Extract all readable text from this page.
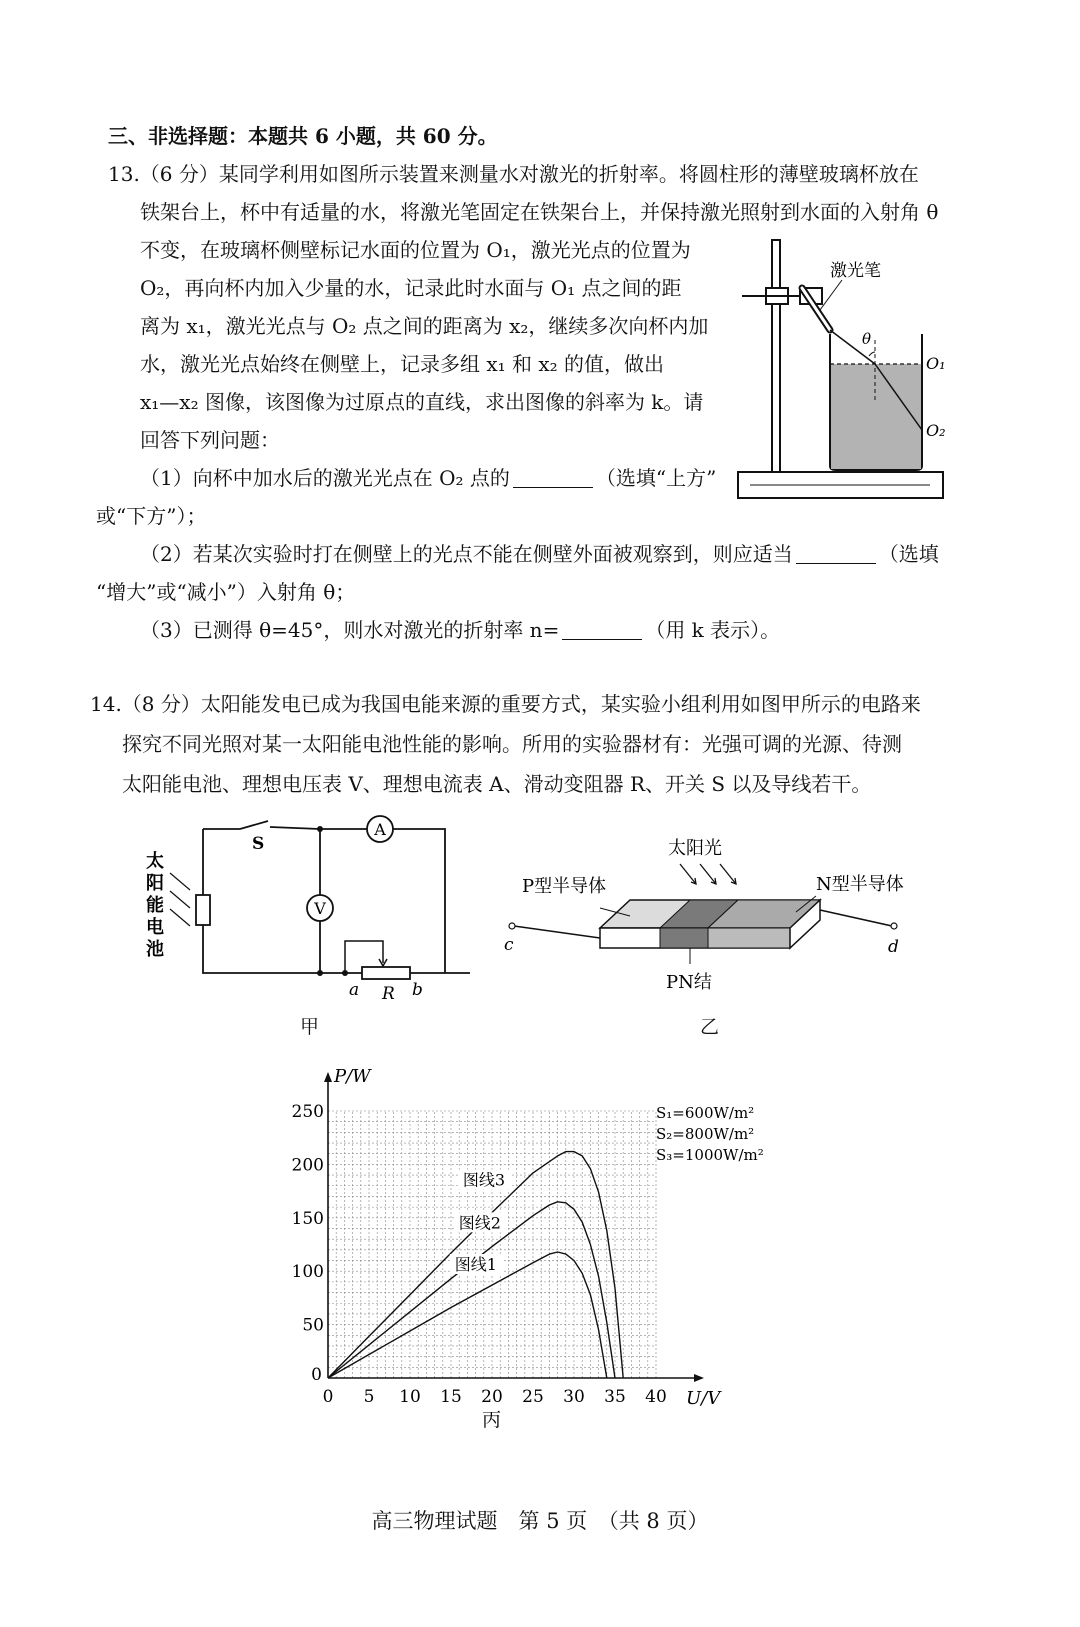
三、非选择题：本题共 6 小题，共 60 分。
13.（6 分）某同学利用如图所示装置来测量水对激光的折射率。将圆柱形的薄壁玻璃杯放在
铁架台上，杯中有适量的水，将激光笔固定在铁架台上，并保持激光照射到水面的入射角 θ
不变，在玻璃杯侧壁标记水面的位置为 O₁，激光光点的位置为
O₂，再向杯内加入少量的水，记录此时水面与 O₁ 点之间的距
离为 x₁，激光光点与 O₂ 点之间的距离为 x₂，继续多次向杯内加
水，激光光点始终在侧壁上，记录多组 x₁ 和 x₂ 的值，做出
x₁—x₂ 图像，该图像为过原点的直线，求出图像的斜率为 k。请
回答下列问题：
（1）向杯中加水后的激光光点在 O₂ 点的	（选填“上方”
或“下方”）；
（2）若某次实验时打在侧壁上的光点不能在侧壁外面被观察到，则应适当	（选填
“增大”或“减小”）入射角 θ；
（3）已测得 θ=45°，则水对激光的折射率 n=	（用 k 表示）。
激光笔
θ
O₁
O₂
14.（8 分）太阳能发电已成为我国电能来源的重要方式，某实验小组利用如图甲所示的电路来
探究不同光照对某一太阳能电池性能的影响。所用的实验器材有：光强可调的光源、待测
太阳能电池、理想电压表 V、理想电流表 A、滑动变阻器 R、开关 S 以及导线若干。
太
阳
能
电
池
S
A
V
a R b
甲
太阳光
P型半导体	N型半导体
c	d
PN结
乙
0 5 10 15 20 25 30 35 40
50
100
150
200
250
0
图线1
图线2
图线3
S₁=600W/m²
S₂=800W/m²
S₃=1000W/m²
P/W
U/V
丙
高三物理试题　第 5 页　（共 8 页）
